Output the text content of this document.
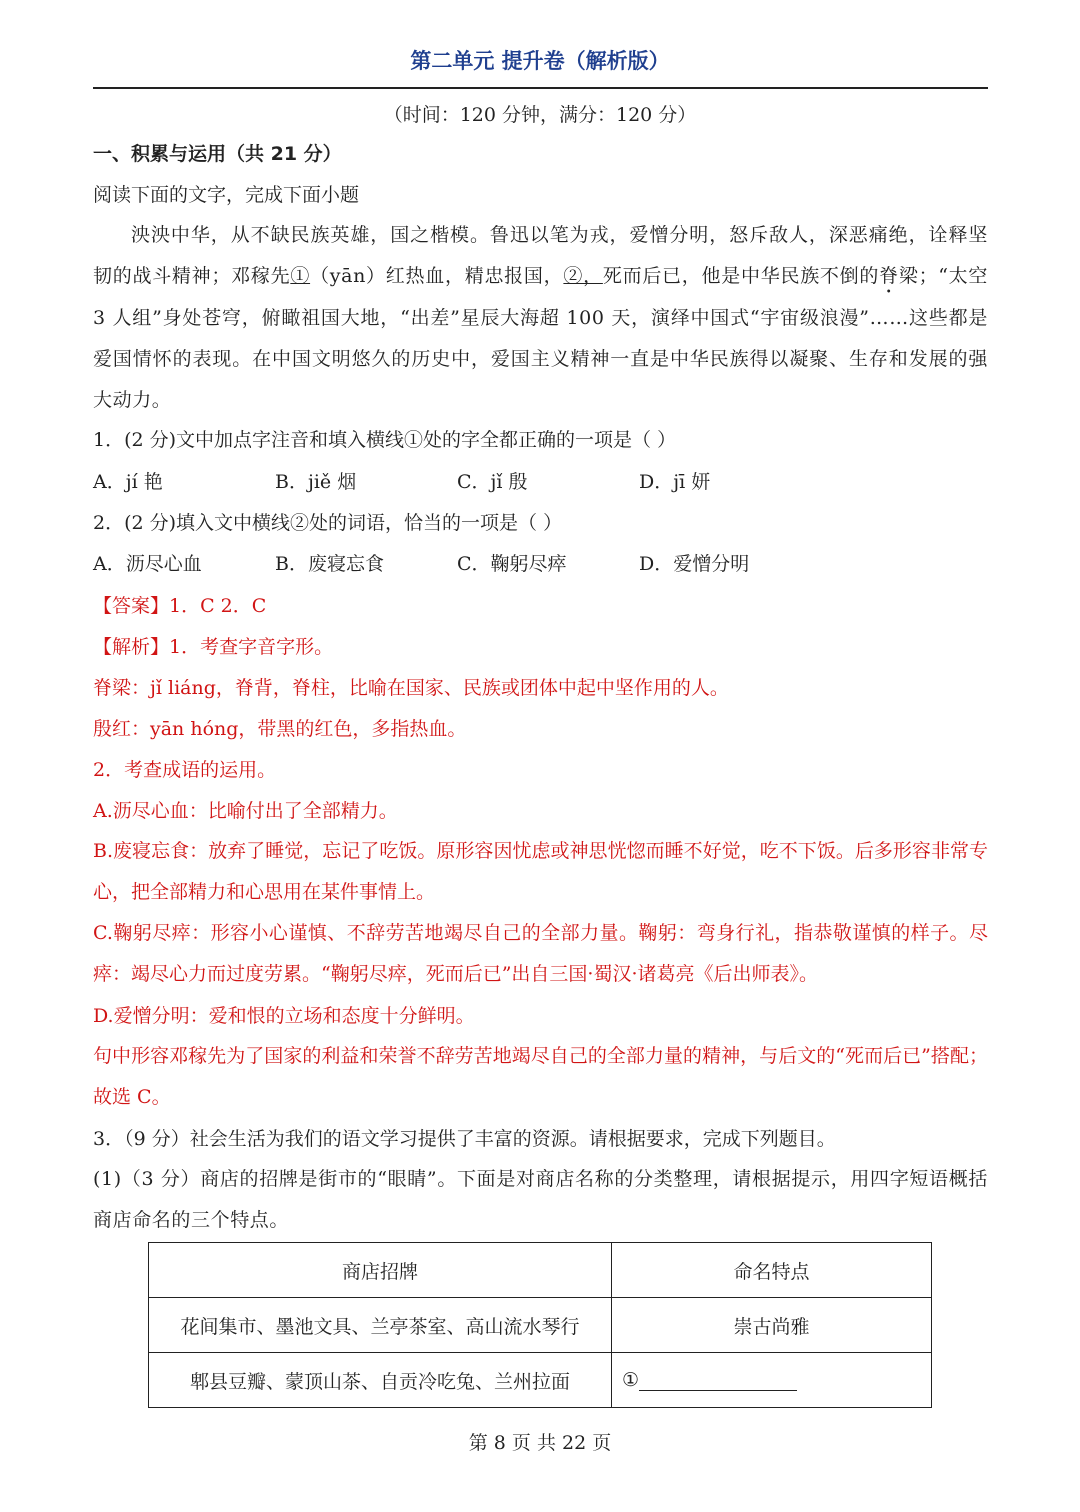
第二单元 提升卷（解析版）
（时间：120 分钟，满分：120 分）
一、积累与运用（共 21 分）
阅读下面的文字，完成下面小题
泱泱中华，从不缺民族英雄，国之楷模。鲁迅以笔为戎，爱憎分明，怒斥敌人，深恶痛绝，诠释坚韧的战斗精神；邓稼先①（yān）红热血，精忠报国，②，死而后已，他是中华民族不倒的脊梁；“太空 3 人组”身处苍穹，俯瞰祖国大地，“出差”星辰大海超 100 天，演绎中国式“宇宙级浪漫”……这些都是爱国情怀的表现。在中国文明悠久的历史中，爱国主义精神一直是中华民族得以凝聚、生存和发展的强大动力。
1．(2 分)文中加点字注音和填入横线①处的字全都正确的一项是（ ）
A．jí 艳	B．jiě 烟	C．jǐ 殷	D．jī 妍
2．(2 分)填入文中横线②处的词语，恰当的一项是（ ）
A．沥尽心血	B．废寝忘食	C．鞠躬尽瘁	D．爱憎分明
【答案】1．C 2．C
【解析】1．考查字音字形。
脊梁：jǐ liáng，脊背，脊柱，比喻在国家、民族或团体中起中坚作用的人。
殷红：yān hóng，带黑的红色，多指热血。
2．考查成语的运用。
A.沥尽心血：比喻付出了全部精力。
B.废寝忘食：放弃了睡觉，忘记了吃饭。原形容因忧虑或神思恍惚而睡不好觉，吃不下饭。后多形容非常专心，把全部精力和心思用在某件事情上。
C.鞠躬尽瘁：形容小心谨慎、不辞劳苦地竭尽自己的全部力量。鞠躬：弯身行礼，指恭敬谨慎的样子。尽瘁：竭尽心力而过度劳累。“鞠躬尽瘁，死而后已”出自三国·蜀汉·诸葛亮《后出师表》。
D.爱憎分明：爱和恨的立场和态度十分鲜明。
句中形容邓稼先为了国家的利益和荣誉不辞劳苦地竭尽自己的全部力量的精神，与后文的“死而后已”搭配；故选 C。
3．（9 分）社会生活为我们的语文学习提供了丰富的资源。请根据要求，完成下列题目。
(1)（3 分）商店的招牌是街市的“眼睛”。下面是对商店名称的分类整理，请根据提示，用四字短语概括商店命名的三个特点。
商店招牌	命名特点
花间集市、墨池文具、兰亭茶室、高山流水琴行	崇古尚雅
郫县豆瓣、蒙顶山茶、自贡冷吃兔、兰州拉面	①
第 8 页 共 22 页
